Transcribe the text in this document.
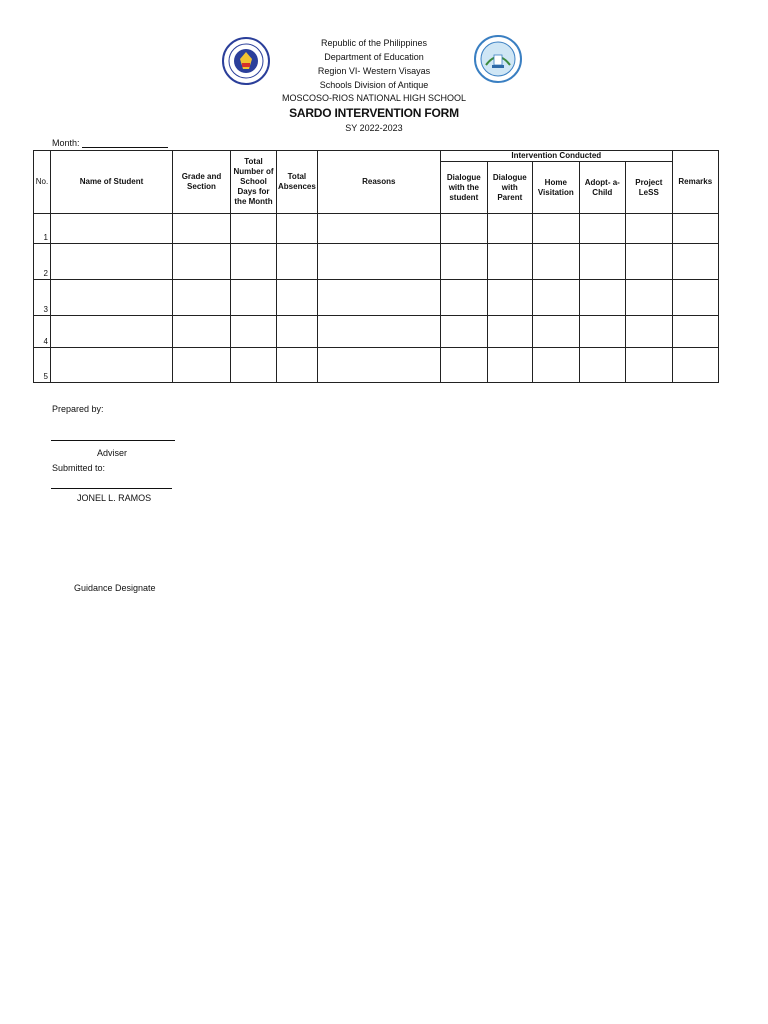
Republic of the Philippines
Department of Education
Region VI- Western Visayas
Schools Division of Antique
MOSCOSO-RIOS NATIONAL HIGH SCHOOL
SARDO INTERVENTION FORM
SY 2022-2023
Month:
No.	Name of Student	Grade and Section	Total Number of School Days for the Month	Total Absences	Reasons	Intervention Conducted					Remarks
						Dialogue with the student	Dialogue with Parent	Home Visitation	Adopt- a- Child	Project LeSS	
1											
2											
3											
4											
5											
Prepared by:
Adviser
Submitted to:
JONEL L. RAMOS
Guidance Designate
